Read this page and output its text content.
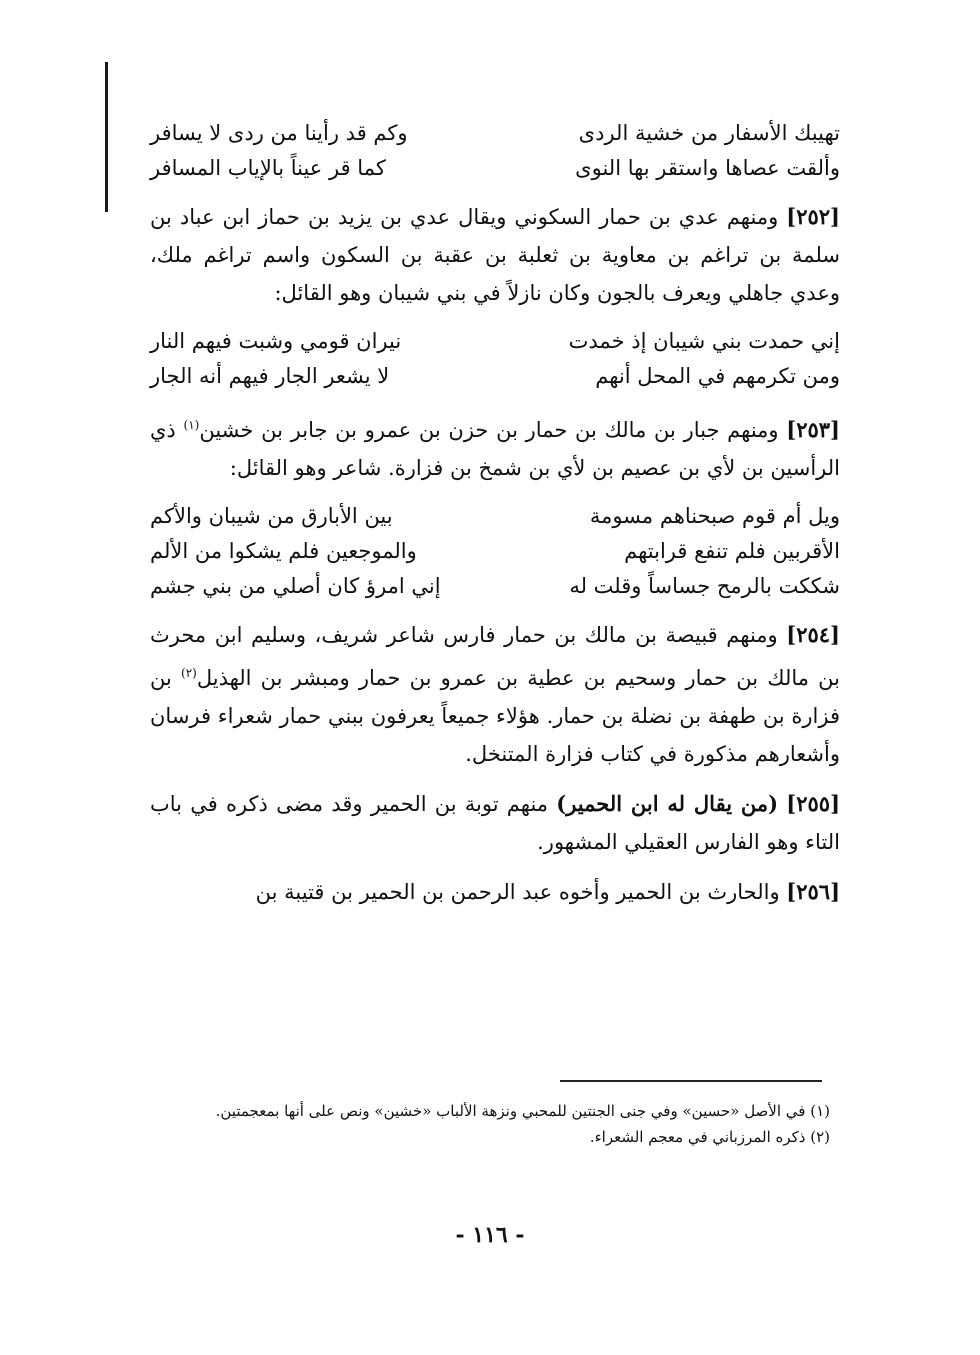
تهيبك الأسفار من خشية الردى
وكم قد رأينا من ردى لا يسافر

وألقت عصاها واستقر بها النوى
كما قر عيناً بالإياب المسافر

[٢٥٢] ومنهم عدي بن حمار السكوني ويقال عدي بن يزيد بن حماز ابن عباد بن سلمة بن تراغم بن معاوية بن ثعلبة بن عقبة بن السكون واسم تراغم ملك، وعدي جاهلي ويعرف بالجون وكان نازلاً في بني شيبان وهو القائل:

إني حمدت بني شيبان إذ خمدت
نيران قومي وشبت فيهم النار

ومن تكرمهم في المحل أنهم
لا يشعر الجار فيهم أنه الجار

[٢٥٣] ومنهم جبار بن مالك بن حمار بن حزن بن عمرو بن جابر بن خشين$^{(١)}$ ذي الرأسين بن لأي بن عصيم بن لأي بن شمخ بن فزارة. شاعر وهو القائل:

ويل أم قوم صبحناهم مسومة
بين الأبارق من شيبان والأكم

الأقربين فلم تنفع قرابتهم
والموجعين فلم يشكوا من الألم

شككت بالرمح جساساً وقلت له
إني امرؤ كان أصلي من بني جشم

[٢٥٤] ومنهم قبيصة بن مالك بن حمار فارس شاعر شريف، وسليم ابن محرث بن مالك بن حمار وسحيم بن عطية بن عمرو بن حمار ومبشر بن الهذيل$^{(٢)}$ بن فزارة بن طهفة بن نضلة بن حمار. هؤلاء جميعاً يعرفون ببني حمار شعراء فرسان وأشعارهم مذكورة في كتاب فزارة المتنخل.

[٢٥٥] (من يقال له ابن الحمير) منهم توبة بن الحمير وقد مضى ذكره في باب التاء وهو الفارس العقيلي المشهور.

[٢٥٦] والحارث بن الحمير وأخوه عبد الرحمن بن الحمير بن قتيبة بن

(١) في الأصل «حسين» وفي جنى الجنتين للمحبي ونزهة الألباب «خشين» ونص على أنها بمعجمتين.

(٢) ذكره المرزباني في معجم الشعراء.

- ١١٦ -
